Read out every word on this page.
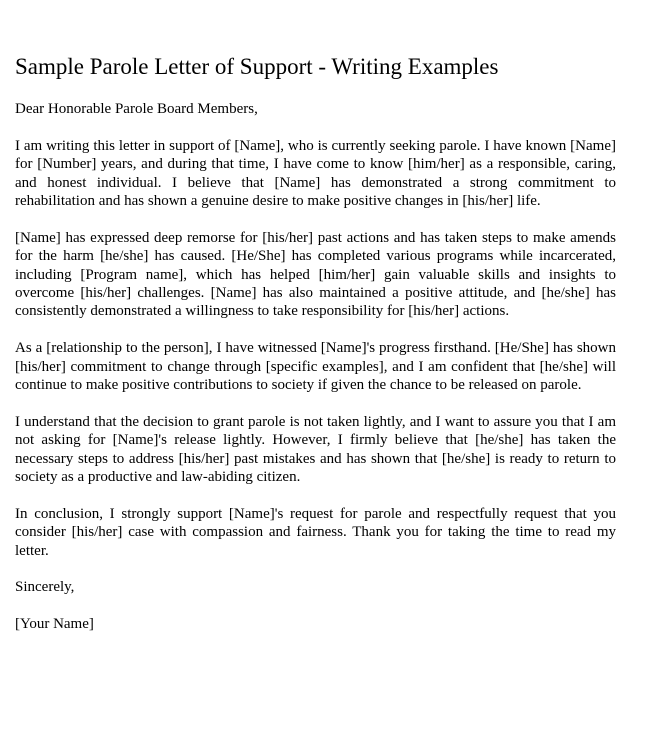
Sample Parole Letter of Support - Writing Examples

Dear Honorable Parole Board Members,

I am writing this letter in support of [Name], who is currently seeking parole. I have known [Name] for [Number] years, and during that time, I have come to know [him/her] as a responsible, caring, and honest individual. I believe that [Name] has demonstrated a strong commitment to rehabilitation and has shown a genuine desire to make positive changes in [his/her] life.

[Name] has expressed deep remorse for [his/her] past actions and has taken steps to make amends for the harm [he/she] has caused. [He/She] has completed various programs while incarcerated, including [Program name], which has helped [him/her] gain valuable skills and insights to overcome [his/her] challenges. [Name] has also maintained a positive attitude, and [he/she] has consistently demonstrated a willingness to take responsibility for [his/her] actions.

As a [relationship to the person], I have witnessed [Name]'s progress firsthand. [He/She] has shown [his/her] commitment to change through [specific examples], and I am confident that [he/she] will continue to make positive contributions to society if given the chance to be released on parole.

I understand that the decision to grant parole is not taken lightly, and I want to assure you that I am not asking for [Name]'s release lightly. However, I firmly believe that [he/she] has taken the necessary steps to address [his/her] past mistakes and has shown that [he/she] is ready to return to society as a productive and law-abiding citizen.

In conclusion, I strongly support [Name]'s request for parole and respectfully request that you consider [his/her] case with compassion and fairness. Thank you for taking the time to read my letter.

Sincerely,

[Your Name]
